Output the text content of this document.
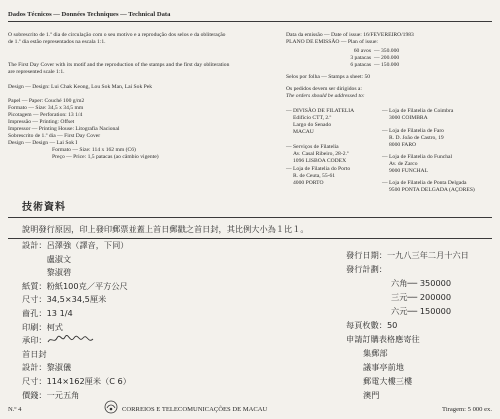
Dados Técnicos — Données Techniques — Technical Data
O sobrescrito de 1.º dia de circulação com o seu motivo e a reprodução dos selos e da obliteração
de 1.º dia estão representados na escala 1:1.
The First Day Cover with its motif and the reproduction of the stamps and the first day obliteration
are represented scale 1:1.
Design — Design: Lui Chak Keong, Lou Sok Man, Lai Sok Pek
Papel — Paper: Couché 100 g/m2
Formato — Size: 34,5 x 34,5 mm
Picotagem — Perforation: 13 1/4
Impressão — Printing: Offset
Impressor — Printing House: Litografia Nacional
Sobrescrito de 1.º dia — First Day Cover
Design — Design — Lai Sok I
Formato — Size: 114 x 162 mm (C6)
Preço — Price: 1,5 patacas (ao câmbio vigente)
Data da emissão — Date of issue: 16/FEVEREIRO/1983
PLANO DE EMISSÃO — Plan of issue:
60 avos — 350.000
3 patacas — 200.000
6 patacas — 150.000
Selos por folha — Stamps a sheet: 50
Os pedidos devem ser dirigidos a:
The orders should be addressed to:
— DIVISÃO DE FILATELIA
Edifício CTT, 2.º
Largo do Senado
MACAU
— Serviços de Filatelia
Av. Casal Ribeiro, 28-2.º
1096 LISBOA CODEX
— Loja de Filatelia do Porto
R. de Ceuta, 55-61
4000 PORTO
— Loja de Filatelia de Coimbra
3000 COIMBRA
— Loja de Filatelia de Faro
R. D. João de Castro, 19
8000 FARO
— Loja de Filatelia do Funchal
Av. de Zarco
9000 FUNCHAL
— Loja de Filatelia de Ponta Delgada
9500 PONTA DELGADA (AÇORES)
技術資料
說明發行原因，印上發印郵票並蓋上首日郵戳之首日封，其比例大小為１比１。
設計：呂澤強（譯音，下同）
　　　盧淑文
　　　黎淑碧
紙質：粉紙100克／平方公尺
尺寸：34,5×34,5厘米
齒孔：13 1/4
印刷：柯式
承印：
首日封
設計：黎淑儀
尺寸：114×162厘米（C 6）
價錢：一元五角
發行日期：一九八三年二月十六日
發行計劃：
六角── 350000
三元── 200000
六元── 150000
每頁枚數：50
申請訂購表格應寄往
集郵部
議事亭前地
郵電大樓三樓
澳門
N.º 4	CORREIOS E TELECOMUNICAÇÕES DE MACAU	Tiragem: 5 000 ex.
